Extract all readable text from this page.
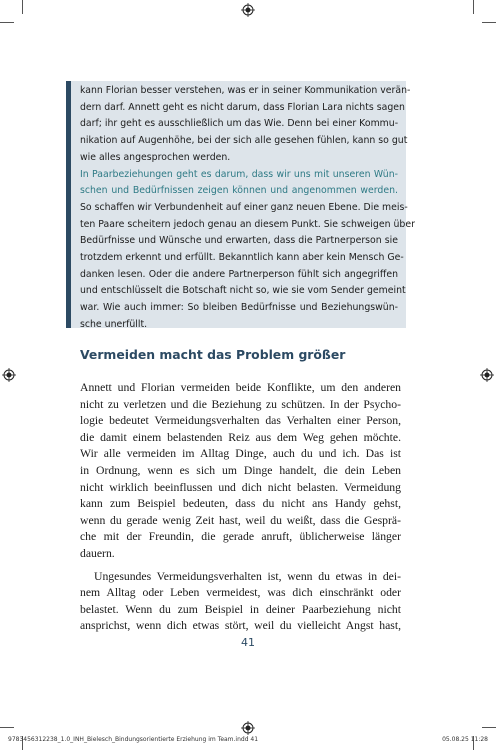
kann Florian besser verstehen, was er in seiner Kommunikation verän-
dern darf. Annett geht es nicht darum, dass Florian Lara nichts sagen
darf; ihr geht es ausschließlich um das Wie. Denn bei einer Kommu-
nikation auf Augenhöhe, bei der sich alle gesehen fühlen, kann so gut
wie alles angesprochen werden.
In Paarbeziehungen geht es darum, dass wir uns mit unseren Wün-
schen und Bedürfnissen zeigen können und angenommen werden.
So schaffen wir Verbundenheit auf einer ganz neuen Ebene. Die meis-
ten Paare scheitern jedoch genau an diesem Punkt. Sie schweigen über
Bedürfnisse und Wünsche und erwarten, dass die Partnerperson sie
trotzdem erkennt und erfüllt. Bekanntlich kann aber kein Mensch Ge-
danken lesen. Oder die andere Partnerperson fühlt sich angegriffen
und entschlüsselt die Botschaft nicht so, wie sie vom Sender gemeint
war. Wie auch immer: So bleiben Bedürfnisse und Beziehungswün-
sche unerfüllt.
Vermeiden macht das Problem größer
Annett und Florian vermeiden beide Konflikte, um den anderen
nicht zu verletzen und die Beziehung zu schützen. In der Psycho-
logie bedeutet Vermeidungsverhalten das Verhalten einer Person,
die damit einem belastenden Reiz aus dem Weg gehen möchte.
Wir alle vermeiden im Alltag Dinge, auch du und ich. Das ist
in Ordnung, wenn es sich um Dinge handelt, die dein Leben
nicht wirklich beeinflussen und dich nicht belasten. Vermeidung
kann zum Beispiel bedeuten, dass du nicht ans Handy gehst,
wenn du gerade wenig Zeit hast, weil du weißt, dass die Gesprä-
che mit der Freundin, die gerade anruft, üblicherweise länger
dauern.
Ungesundes Vermeidungsverhalten ist, wenn du etwas in dei-
nem Alltag oder Leben vermeidest, was dich einschränkt oder
belastet. Wenn du zum Beispiel in deiner Paarbeziehung nicht
ansprichst, wenn dich etwas stört, weil du vielleicht Angst hast,
41
9783456312238_1.0_INH_Bielesch_Bindungsorientierte Erziehung im Team.indd 41	05.08.25 11:28
